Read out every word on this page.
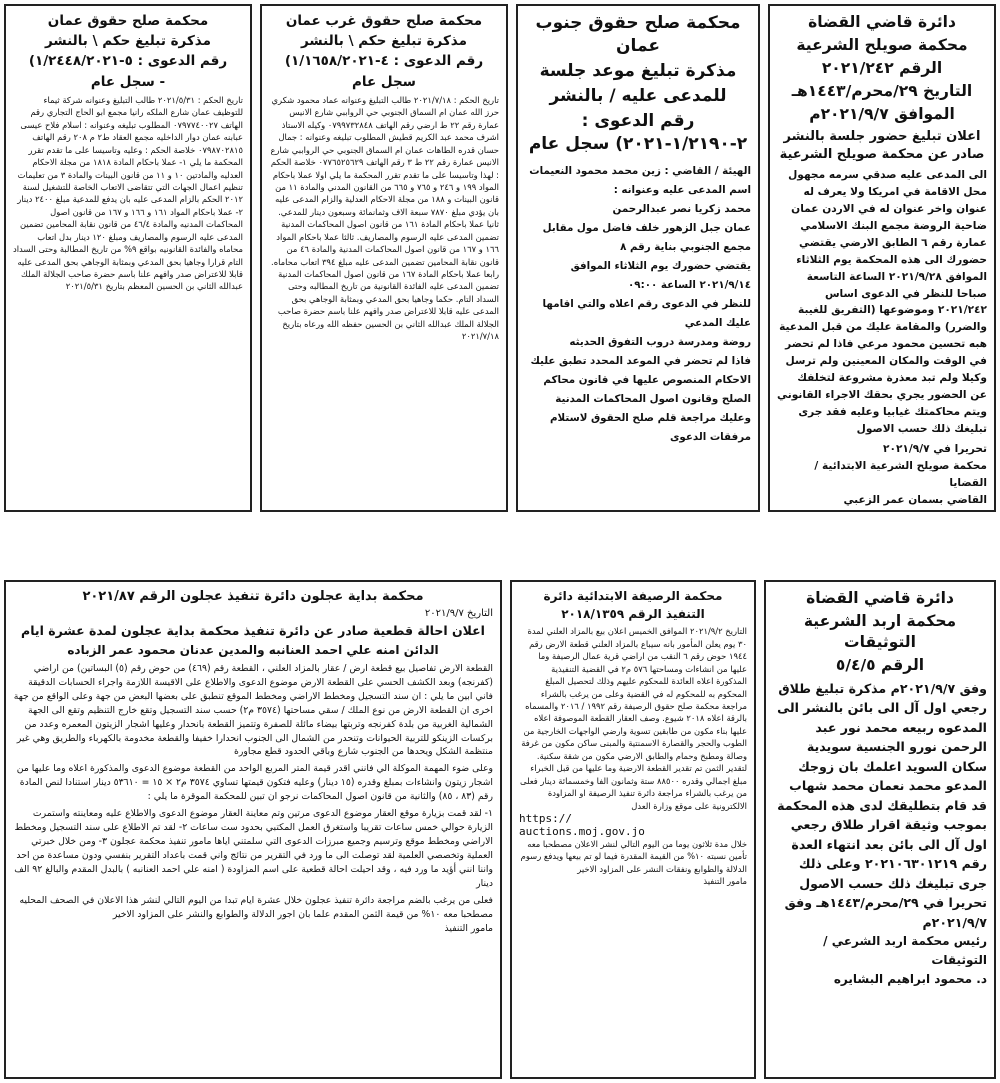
دائرة قاضي القضاة
محكمة صويلح الشرعية
الرقم ٢٠٢١/٢٤٢
التاريخ ٢٩/محرم/١٤٤٣هـ
الموافق ٢٠٢١/٩/٧م
اعلان تبليغ حضور جلسة بالنشر صادر عن محكمة صويلح الشرعية
الى المدعى عليه صدقي سرمه مجهول محل الاقامة في امريكا ولا يعرف له عنوان واخر عنوان له في الاردن عمان ضاحية الروضة مجمع البنك الاسلامي عمارة رقم ٦ الطابق الارضي يقتضي حضورك الى هذه المحكمة يوم الثلاثاء الموافق ٢٠٢١/٩/٢٨ الساعة التاسعة صباحا للنظر في الدعوى اساس ٢٠٢١/٢٤٢ وموضوعها (التفريق للغيبة والضرر) والمقامة عليك من قبل المدعية هبه تحسين محمود مرعي فاذا لم تحضر في الوقت والمكان المعينين ولم ترسل وكيلا ولم تبد معذرة مشروعة لتخلفك عن الحضور يجري بحقك الاجراء القانوني ويتم محاكمتك غيابيا وعليه فقد جرى تبليغك ذلك حسب الاصول
تحريرا في ٢٠٢١/٩/٧
محكمة صويلح الشرعية الابتدائية / القضايا
القاضي بسمان عمر الزعبي
محكمة صلح حقوق جنوب عمان
مذكرة تبليغ موعد جلسة
للمدعى عليه / بالنشر
رقم الدعوى : ٢-١/٢١٩٠-٢٠٢١) سجل عام
الهيئة / القاضي : زين محمد محمود النعيمات
اسم المدعى عليه وعنوانه :
محمد زكريا نصر عبدالرحمن
عمان جبل الزهور خلف فاضل مول مقابل مجمع الجنوبي بناية رقم ٨
يقتضي حضورك يوم الثلاثاء الموافق ٢٠٢١/٩/١٤ الساعة ٠٩:٠٠
للنظر في الدعوى رقم اعلاه والتي اقامها عليك المدعي
روضة ومدرسة دروب التفوق الحديثه
فاذا لم تحضر في الموعد المحدد تطبق عليك الاحكام المنصوص عليها في قانون محاكم الصلح وقانون اصول المحاكمات المدنية
وعليك مراجعة قلم صلح الحقوق لاستلام مرفقات الدعوى
محكمة صلح حقوق غرب عمان
مذكرة تبليغ حكم \ بالنشر
رقم الدعوى : ٤-١/١٦٥٨/٢٠٢١)
سجل عام
تاريخ الحكم : ٢٠٢١/٧/١٨ طالب التبليغ وعنوانه عماد محمود شكري حرز الله عمان ام السماق الجنوبي حي الرواببي شارع الانيس عمارة رقم ٢٢ ط ارضي رقم الهاتف ٠٧٩٩٧٣٢٨٤٨ وكيله الاستاذ اشرف محمد عبد الكريم قطيش المطلوب تبليغه وعنوانه : جمال حسان قدره الطاهات عمان ام السماق الجنوبي حي الرواببي شارع الانيس عمارة رقم ٢٢ ط ٣ رقم الهاتف ٠٧٧٦٥٢٥٦٢٩ خلاصة الحكم : لهذا وتاسيسا على ما تقدم تقرر المحكمة ما يلي اولا عملا باحكام المواد ١٩٩ و ٢٤٦ و ٧٦٥ و ٦٦٥ من القانون المدني والمادة ١١ من قانون البينات و ١٨٨ من مجلة الاحكام العدلية والزام المدعى عليه بان يؤدي مبلغ ٧٨٧٠ سبعة الاف وثمانمائة وسبعون دينار للمدعي. ثانيا عملا باحكام المادة ١٦١ من قانون اصول المحاكمات المدنية تضمين المدعى عليه الرسوم والمصاريف. ثالثا عملا باحكام المواد ١٦٦ و ١٦٧ من قانون اصول المحاكمات المدنية والمادة ٤٦ من قانون نقابة المحامين تضمين المدعى عليه مبلغ ٣٩٤ اتعاب محاماه. رابعا عملا باحكام المادة ١٦٧ من قانون اصول المحاكمات المدنية تضمين المدعى عليه الفائدة القانونية من تاريخ المطالبه وحتى السداد التام. حكما وجاهيا بحق المدعي وبمثابة الوجاهي بحق المدعى عليه قابلا للاعتراض صدر وافهم علنا باسم حضرة صاحب الجلالة الملك عبدالله الثاني بن الحسين حفظه الله ورعاه بتاريخ ٢٠٢١/٧/١٨
محكمة صلح حقوق عمان
مذكرة تبليغ حكم \ بالنشر
رقم الدعوى : ٥-١/٢٤٤٨/٢٠٢١)
- سجل عام
تاريخ الحكم : ٢٠٢١/٥/٣١ طالب التبليغ وعنوانه شركة ثيماء للتوظيف عمان شارع الملكه رانيا مجمع ابو الحاج التجاري رقم الهاتف ٠٧٩٧٧٤٠٠٢٧ المطلوب تبليغه وعنوانه : اسلام فلاح عيسى عبابنه عمان دوار الداخليه مجمع العقاد ط٢ م ٢٠٨ رقم الهاتف ٠٧٩٨٧٠٢٨١٥ خلاصة الحكم : وعليه وتاسيسا على ما تقدم تقرر المحكمة ما يلي ١- عملا باحكام المادة ١٨١٨ من مجلة الاحكام العدليه والمادتين ١٠ و ١١ من قانون البينات والمادة ٣ من تعليمات تنظيم اعمال الجهات التي تتقاضى الاتعاب الخاصة للتشغيل لسنة ٢٠١٢ الحكم بالزام المدعى عليه بان يدفع للمدعية مبلغ ٢٤٠٠ دينار ٢- عملا باحكام المواد ١٦١ و ١٦٦ و ١٦٧ من قانون اصول المحاكمات المدنيه والمادة ٤٦/٤ من قانون نقابة المحامين تضمين المدعى عليه الرسوم والمصاريف ومبلغ ١٢٠ دينار بدل اتعاب محاماه والفائدة القانونيه بواقع ٩% من تاريخ المطالبة وحتى السداد التام قرارا وجاهيا بحق المدعي وبمثابة الوجاهي بحق المدعى عليه قابلا للاعتراض صدر وافهم علنا باسم حضرة صاحب الجلالة الملك عبدالله الثاني بن الحسين المعظم بتاريخ ٢٠٢١/٥/٣١
دائرة قاضي القضاة
محكمة اربد الشرعية التوثيقات
الرقم ٥/٤/٥
وفق ٢٠٢١/٩/٧م مذكرة تبليغ طلاق رجعي اول آل الى بائن بالنشر الى المدعوه ربيعه محمد نور عبد الرحمن نورو الجنسية سويدية سكان السويد اعلمك بان زوجك المدعو محمد نعمان محمد شهاب قد قام بتطليقك لدى هذه المحكمة بموجب وثيقة اقرار طلاق رجعي اول آل الى بائن بعد انتهاء العدة رقم ٢٠٢١٠٦٣٠١٢١٩ وعلى ذلك جرى تبليغك ذلك حسب الاصول تحريرا في ٢٩/محرم/١٤٤٣هـ وفق ٢٠٢١/٩/٧م
رئيس محكمة اربد الشرعي / التوثيقات
د. محمود ابراهيم البشايره
محكمة الرصيفة الابتدائية دائرة
التنفيذ الرقم ٢٠١٨/١٣٥٩
التاريخ ٢٠٢١/٩/٢ الموافق الخميس اعلان بيع بالمزاد العلني لمدة ٣٠ يوم يعلن المأمور بانه سيباع بالمزاد العلني قطعة الارض رقم ١٩٤٤ حوض رقم ٦ النقب من اراضي قرية عمال الرصيفة وما عليها من انشاءات ومساحتها ٥٧٦ م٢ في القضية التنفيذية المذكورة اعلاه العائدة للمحكوم عليهم وذلك لتحصيل المبلغ المحكوم به للمحكوم له في القضية وعلى من يرغب بالشراء مراجعة محكمة صلح حقوق الرصيفة رقم ١٩٩٢ / ٢٠١٦ والمسماه بالرقة اعلاه ٢٠١٨ شيوع. وصف العقار القطعة الموصوفة اعلاه عليها بناء مكون من طابقين تسوية وارضي الواجهات الخارجية من الطوب والحجر والقصارة الاسمنتية والمبنى ساكن مكون من غرفة وصالة ومطبخ وحمام والطابق الارضي مكون من شقة سكنية. لتقدير الثمن تم تقدير القطعة الارضية وما عليها من قبل الخبراء مبلغ اجمالي وقدره ٨٨٥٠٠ ستة وثمانون الفا وخمسمائة دينار فعلى من يرغب بالشراء مراجعة دائرة تنفيذ الرصيفة او المزاودة الالكترونية على موقع وزارة العدل
https://
auctions.moj.gov.jo
خلال مدة ثلاثون يوما من اليوم التالي لنشر الاعلان مصطحبا معه تأمين نسبته ١٠% من القيمة المقدرة فيما لو تم بيعها ويدفع رسوم الدلالة والطوابع ونفقات النشر على المزاود الاخير
مامور التنفيذ
محكمة بداية عجلون دائرة تنفيذ عجلون الرقم ٢٠٢١/٨٧
التاريخ ٢٠٢١/٩/٧
اعلان احالة قطعية صادر عن دائرة تنفيذ محكمة بداية عجلون لمدة عشرة ايام
الدائن امنه علي احمد العنانبه والمدين عدنان محمود عمر الزباده
القطعة الارض تفاصيل بيع قطعة ارض / عقار بالمزاد العلني ، القطعة رقم (٤٦٩) من حوض رقم (٥) البساتين) من اراضي (كفرنجه) وبعد الكشف الحسي على القطعة الارض موضوع الدعوى والاطلاع على الاقيسة اللازمة واجراء الحسابات الدقيقة فاني ابين ما يلي : ان سند التسجيل ومخطط الاراضي ومخطط الموقع تنطبق على بعضها البعض من جهة وعلى الواقع من جهة اخرى ان القطعة الارض من نوع الملك / سقي مساحتها (٣٥٧٤ م٢) حسب سند التسجيل وتقع خارج التنظيم وتقع الى الجهة الشمالية الغربية من بلدة كفرنجه وتربتها بيضاء مائلة للصفرة وتتميز القطعة بانحدار وعليها اشجار الزيتون المعمره وعدد من بركسات الزينكو للتربية الحيوانات وتنحدر من الشمال الى الجنوب انحدارا خفيفا والقطعة مخدومة بالكهرباء والطريق وهي غير منتظمة الشكل ويحدها من الجنوب شارع وباقي الحدود قطع مجاورة
وعلى ضوء المهمة الموكلة الي فانني اقدر قيمة المتر المربع الواحد من القطعة موضوع الدعوى والمذكورة اعلاه وما عليها من اشجار زيتون وانشاءات بمبلغ وقدره (١٥ دينار) وعليه فتكون قيمتها تساوي ٣٥٧٤ م٢ × ١٥ = ٥٣٦١٠ دينار استنادا لنص المادة رقم (٨٣ ، ٨٥) والثانية من قانون اصول المحاكمات نرجو ان تبين للمحكمة الموقرة ما يلي :
١- لقد قمت بزيارة موقع العقار موضوع الدعوى مرتين وتم معاينة العقار موضوع الدعوى والاطلاع عليه ومعاينته واستمرت الزيارة حوالي خمس ساعات تقريبا واستغرق العمل المكتبي بحدود ست ساعات ٢- لقد تم الاطلاع على سند التسجيل ومخطط الاراضي ومخطط موقع وترسيم وجميع مبرزات الدعوى التي سلمتني اياها مامور تنفيذ محكمة عجلون ٣- ومن خلال خبرتي العملية وتخصصي العلمية لقد توصلت الى ما ورد في التقرير من نتائج واني قمت باعداد التقرير بنفسي ودون مساعدة من احد واننا انني أؤيد ما ورد فيه ، وقد احيلت احالة قطعية على اسم المزاودة ( امنه علي احمد العنانبه ) بالبدل المقدم والبالغ ٩٢ الف دينار
فعلى من يرغب بالضم مراجعة دائرة تنفيذ عجلون خلال عشرة ايام تبدا من اليوم التالي لنشر هذا الاعلان في الصحف المحليه مصطحبا معه ١٠% من قيمة الثمن المقدم علما بان اجور الدلالة والطوابع والنشر على المزاود الاخير
مامور التنفيذ
